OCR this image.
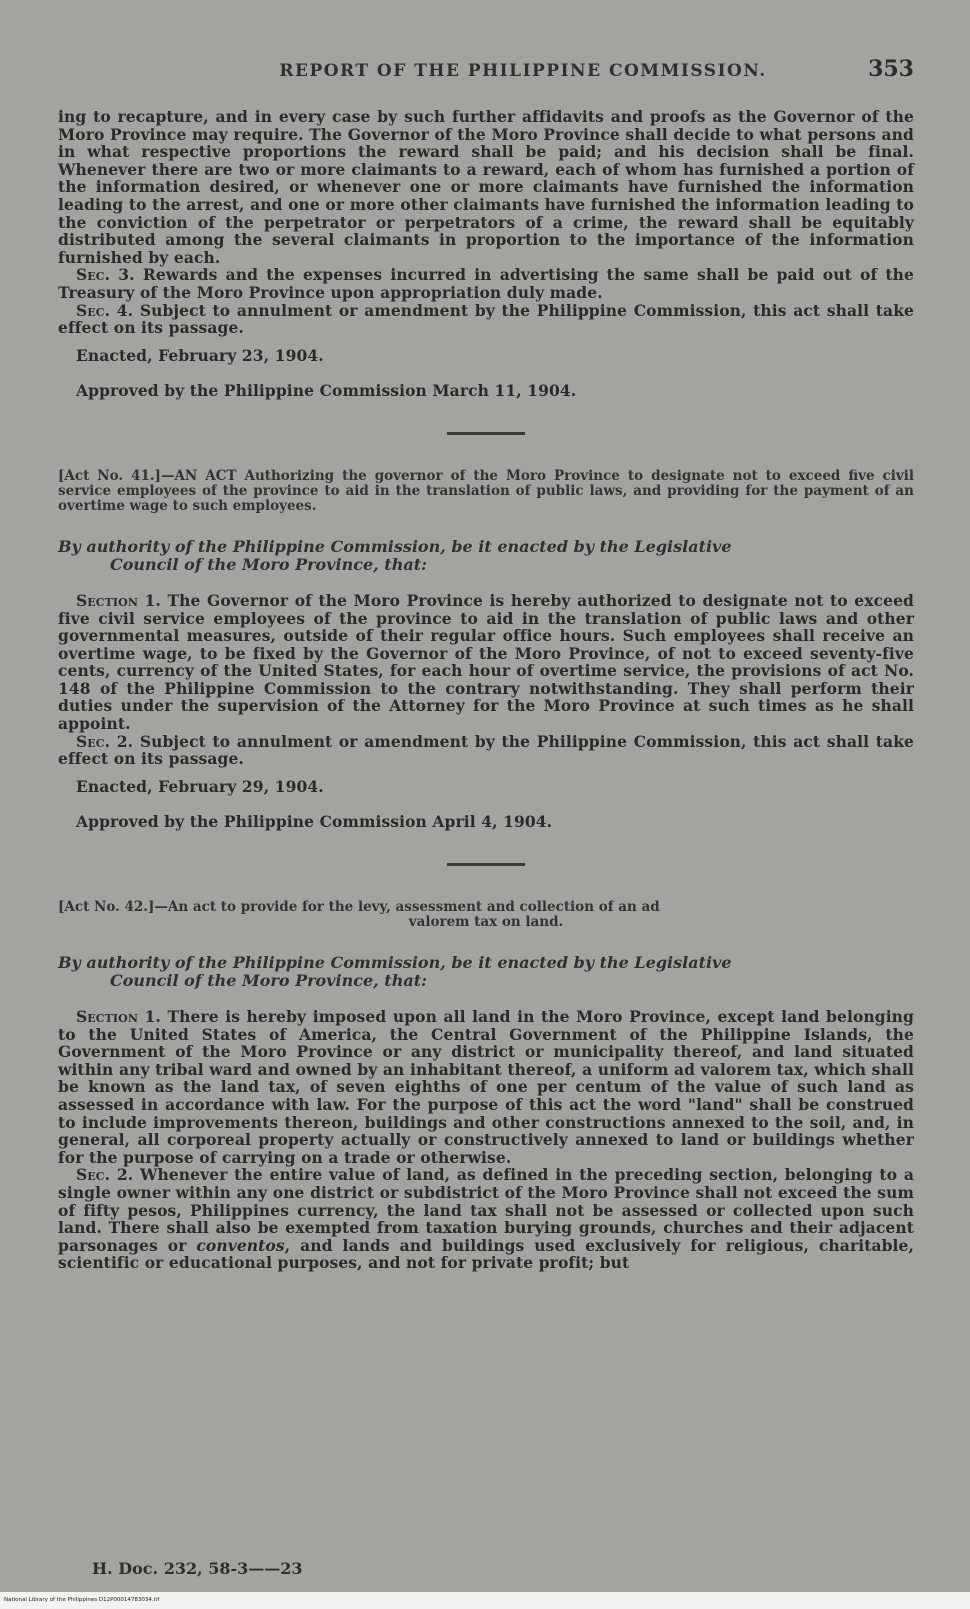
REPORT OF THE PHILIPPINE COMMISSION.	353

ing to recapture, and in every case by such further affidavits and proofs as the Governor of the Moro Province may require. The Governor of the Moro Province shall decide to what persons and in what respective proportions the reward shall be paid; and his decision shall be final. Whenever there are two or more claimants to a reward, each of whom has furnished a portion of the information desired, or whenever one or more claimants have furnished the information leading to the arrest, and one or more other claimants have furnished the information leading to the conviction of the perpetrator or perpetrators of a crime, the reward shall be equitably distributed among the several claimants in proportion to the importance of the information furnished by each.

Sec. 3. Rewards and the expenses incurred in advertising the same shall be paid out of the Treasury of the Moro Province upon appropriation duly made.

Sec. 4. Subject to annulment or amendment by the Philippine Commission, this act shall take effect on its passage.

Enacted, February 23, 1904.

Approved by the Philippine Commission March 11, 1904.

[Act No. 41.]—AN ACT Authorizing the governor of the Moro Province to designate not to exceed five civil service employees of the province to aid in the translation of public laws, and providing for the payment of an overtime wage to such employees.

By authority of the Philippine Commission, be it enacted by the Legislative
Council of the Moro Province, that:

Section 1. The Governor of the Moro Province is hereby authorized to designate not to exceed five civil service employees of the province to aid in the translation of public laws and other governmental measures, outside of their regular office hours. Such employees shall receive an overtime wage, to be fixed by the Governor of the Moro Province, of not to exceed seventy-five cents, currency of the United States, for each hour of overtime service, the provisions of act No. 148 of the Philippine Commission to the contrary notwithstanding. They shall perform their duties under the supervision of the Attorney for the Moro Province at such times as he shall appoint.

Sec. 2. Subject to annulment or amendment by the Philippine Commission, this act shall take effect on its passage.

Enacted, February 29, 1904.

Approved by the Philippine Commission April 4, 1904.

[Act No. 42.]—An act to provide for the levy, assessment and collection of an ad

valorem tax on land.

By authority of the Philippine Commission, be it enacted by the Legislative
Council of the Moro Province, that:

Section 1. There is hereby imposed upon all land in the Moro Province, except land belonging to the United States of America, the Central Government of the Philippine Islands, the Government of the Moro Province or any district or municipality thereof, and land situated within any tribal ward and owned by an inhabitant thereof, a uniform ad valorem tax, which shall be known as the land tax, of seven eighths of one per centum of the value of such land as assessed in accordance with law. For the purpose of this act the word "land" shall be construed to include improvements thereon, buildings and other constructions annexed to the soil, and, in general, all corporeal property actually or constructively annexed to land or buildings whether for the purpose of carrying on a trade or otherwise.

Sec. 2. Whenever the entire value of land, as defined in the preceding section, belonging to a single owner within any one district or subdistrict of the Moro Province shall not exceed the sum of fifty pesos, Philippines currency, the land tax shall not be assessed or collected upon such land. There shall also be exempted from taxation burying grounds, churches and their adjacent parsonages or conventos, and lands and buildings used exclusively for religious, charitable, scientific or educational purposes, and not for private profit; but

H. Doc. 232, 58-3——23
National Library of the Philippines D12P00014783034.tif
